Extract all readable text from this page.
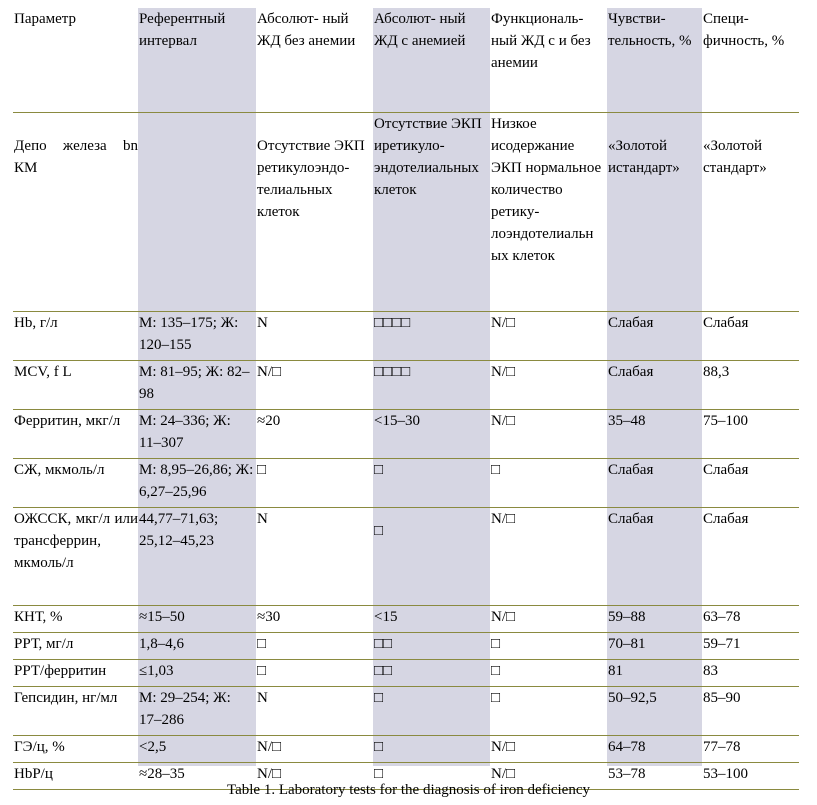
Параметр	Референтный интервал	Абсолют- ный ЖД без анемии	Абсолют- ный ЖД с анемией	Функциональ- ный ЖД с и без анемии	Чувстви- тельность, %	Специ- фичность, %
Депо железа bn КМ		Отсутствие ЭКП ретикулоэндо- телиальных клеток	Отсутствие ЭКП иретикуло- эндотелиальных клеток	Низкое исодержание ЭКП нормальное количество ретику- лоэндотелиальн ых клеток	«Золотой истандарт»	«Золотой стандарт»
Hb, г/л	М: 135–175; Ж: 120–155	N	□□□□	N/□	Слабая	Слабая
MCV, f L	М: 81–95; Ж: 82–98	N/□	□□□□	N/□	Слабая	88,3
Ферритин, мкг/л	М: 24–336; Ж: 11–307	≈20	<15–30	N/□	35–48	75–100
СЖ, мкмоль/л	М: 8,95–26,86; Ж: 6,27–25,96	□	□	□	Слабая	Слабая
ОЖССК, мкг/л или трансферрин, мкмоль/л	44,77–71,63; 25,12–45,23	N	□	N/□	Слабая	Слабая
КНТ, %	≈15–50	≈30	<15	N/□	59–88	63–78
РРТ, мг/л	1,8–4,6	□	□□	□	70–81	59–71
РРТ/ферритин	≤1,03	□	□□	□	81	83
Гепсидин, нг/мл	М: 29–254; Ж: 17–286	N	□	□	50–92,5	85–90
ГЭ/ц, %	<2,5	N/□	□	N/□	64–78	77–78
HbР/ц	≈28–35	N/□	□	N/□	53–78	53–100
Table 1. Laboratory tests for the diagnosis of iron deficiency
